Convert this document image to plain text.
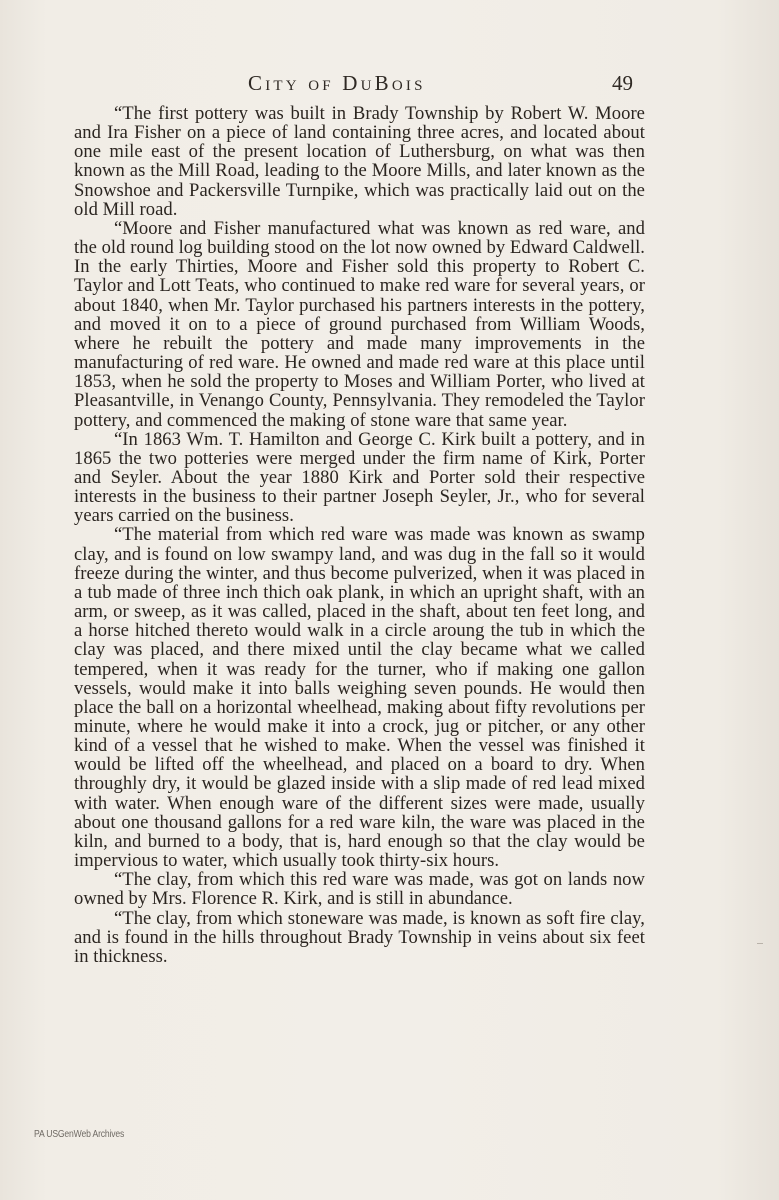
City of DuBois	49

“The first pottery was built in Brady Township by Robert W. Moore and Ira Fisher on a piece of land containing three acres, and located about one mile east of the present location of Luthersburg, on what was then known as the Mill Road, leading to the Moore Mills, and later known as the Snowshoe and Packersville Turnpike, which was practically laid out on the old Mill road.

“Moore and Fisher manufactured what was known as red ware, and the old round log building stood on the lot now owned by Edward Caldwell. In the early Thirties, Moore and Fisher sold this property to Robert C. Taylor and Lott Teats, who continued to make red ware for several years, or about 1840, when Mr. Taylor purchased his partners interests in the pottery, and moved it on to a piece of ground purchased from William Woods, where he rebuilt the pottery and made many improvements in the manufacturing of red ware. He owned and made red ware at this place until 1853, when he sold the property to Moses and William Porter, who lived at Pleasantville, in Venango County, Pennsylvania. They remodeled the Taylor pottery, and commenced the making of stone ware that same year.

“In 1863 Wm. T. Hamilton and George C. Kirk built a pottery, and in 1865 the two potteries were merged under the firm name of Kirk, Porter and Seyler. About the year 1880 Kirk and Porter sold their respective interests in the business to their partner Joseph Seyler, Jr., who for several years carried on the business.

“The material from which red ware was made was known as swamp clay, and is found on low swampy land, and was dug in the fall so it would freeze during the winter, and thus become pulverized, when it was placed in a tub made of three inch thich oak plank, in which an upright shaft, with an arm, or sweep, as it was called, placed in the shaft, about ten feet long, and a horse hitched thereto would walk in a circle aroung the tub in which the clay was placed, and there mixed until the clay became what we called tempered, when it was ready for the turner, who if making one gallon vessels, would make it into balls weighing seven pounds. He would then place the ball on a horizontal wheelhead, making about fifty revolutions per minute, where he would make it into a crock, jug or pitcher, or any other kind of a vessel that he wished to make. When the vessel was finished it would be lifted off the wheelhead, and placed on a board to dry. When throughly dry, it would be glazed inside with a slip made of red lead mixed with water. When enough ware of the different sizes were made, usually about one thousand gallons for a red ware kiln, the ware was placed in the kiln, and burned to a body, that is, hard enough so that the clay would be impervious to water, which usually took thirty-six hours.

“The clay, from which this red ware was made, was got on lands now owned by Mrs. Florence R. Kirk, and is still in abundance.

“The clay, from which stoneware was made, is known as soft fire clay, and is found in the hills throughout Brady Township in veins about six feet in thickness.

PA USGenWeb Archives
